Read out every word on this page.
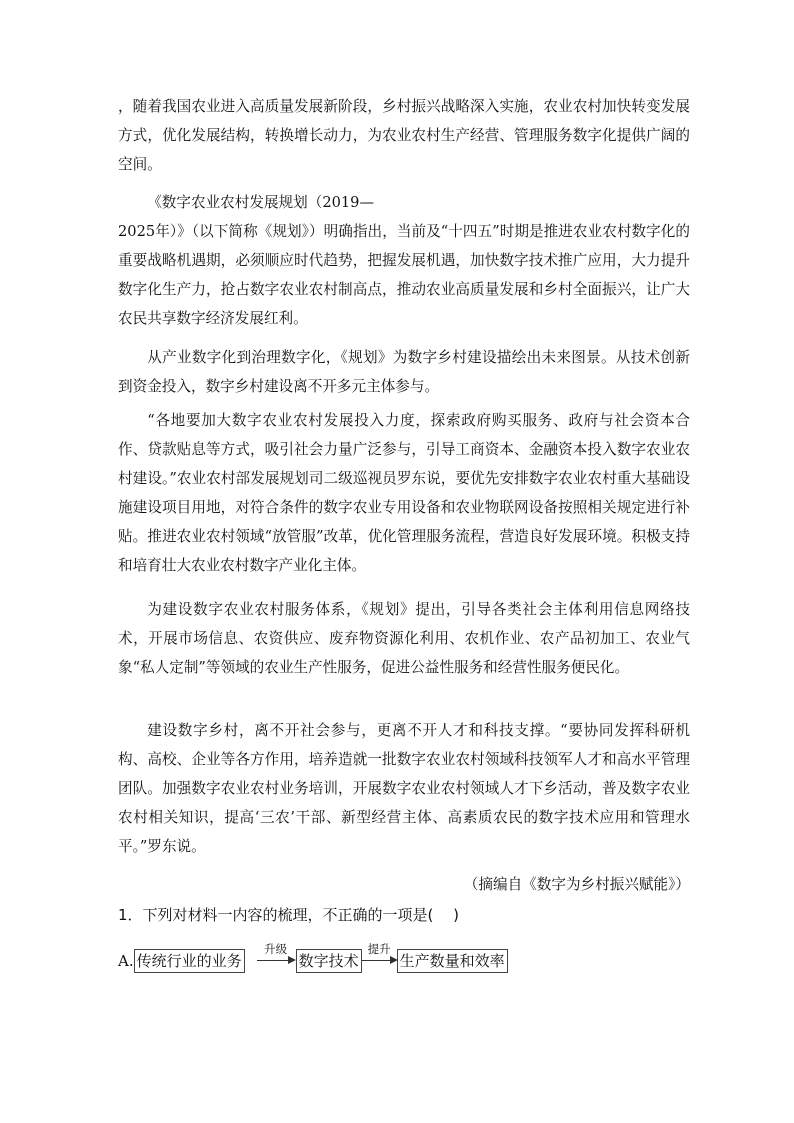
，随着我国农业进入高质量发展新阶段，乡村振兴战略深入实施，农业农村加快转变发展方式，优化发展结构，转换增长动力，为农业农村生产经营、管理服务数字化提供广阔的空间。

《数字农业农村发展规划（2019—

2025年）》（以下简称《规划》）明确指出，当前及“十四五”时期是推进农业农村数字化的重要战略机遇期，必须顺应时代趋势，把握发展机遇，加快数字技术推广应用，大力提升数字化生产力，抢占数字农业农村制高点，推动农业高质量发展和乡村全面振兴，让广大农民共享数字经济发展红利。

从产业数字化到治理数字化，《规划》为数字乡村建设描绘出未来图景。从技术创新到资金投入，数字乡村建设离不开多元主体参与。

“各地要加大数字农业农村发展投入力度，探索政府购买服务、政府与社会资本合作、贷款贴息等方式，吸引社会力量广泛参与，引导工商资本、金融资本投入数字农业农村建设。”农业农村部发展规划司二级巡视员罗东说，要优先安排数字农业农村重大基础设施建设项目用地，对符合条件的数字农业专用设备和农业物联网设备按照相关规定进行补贴。推进农业农村领域“放管服”改革，优化管理服务流程，营造良好发展环境。积极支持和培育壮大农业农村数字产业化主体。

为建设数字农业农村服务体系，《规划》提出，引导各类社会主体利用信息网络技术，开展市场信息、农资供应、废弃物资源化利用、农机作业、农产品初加工、农业气象“私人定制”等领域的农业生产性服务，促进公益性服务和经营性服务便民化。

建设数字乡村，离不开社会参与，更离不开人才和科技支撑。“要协同发挥科研机构、高校、企业等各方作用，培养造就一批数字农业农村领域科技领军人才和高水平管理团队。加强数字农业农村业务培训，开展数字农业农村领域人才下乡活动，普及数字农业农村相关知识，提高‘三农’干部、新型经营主体、高素质农民的数字技术应用和管理水平。”罗东说。

（摘编自《数字为乡村振兴赋能》）

1．下列对材料一内容的梳理，不正确的一项是(　 )

A. 传统行业的业务
升级
数字技术
提升
生产数量和效率
